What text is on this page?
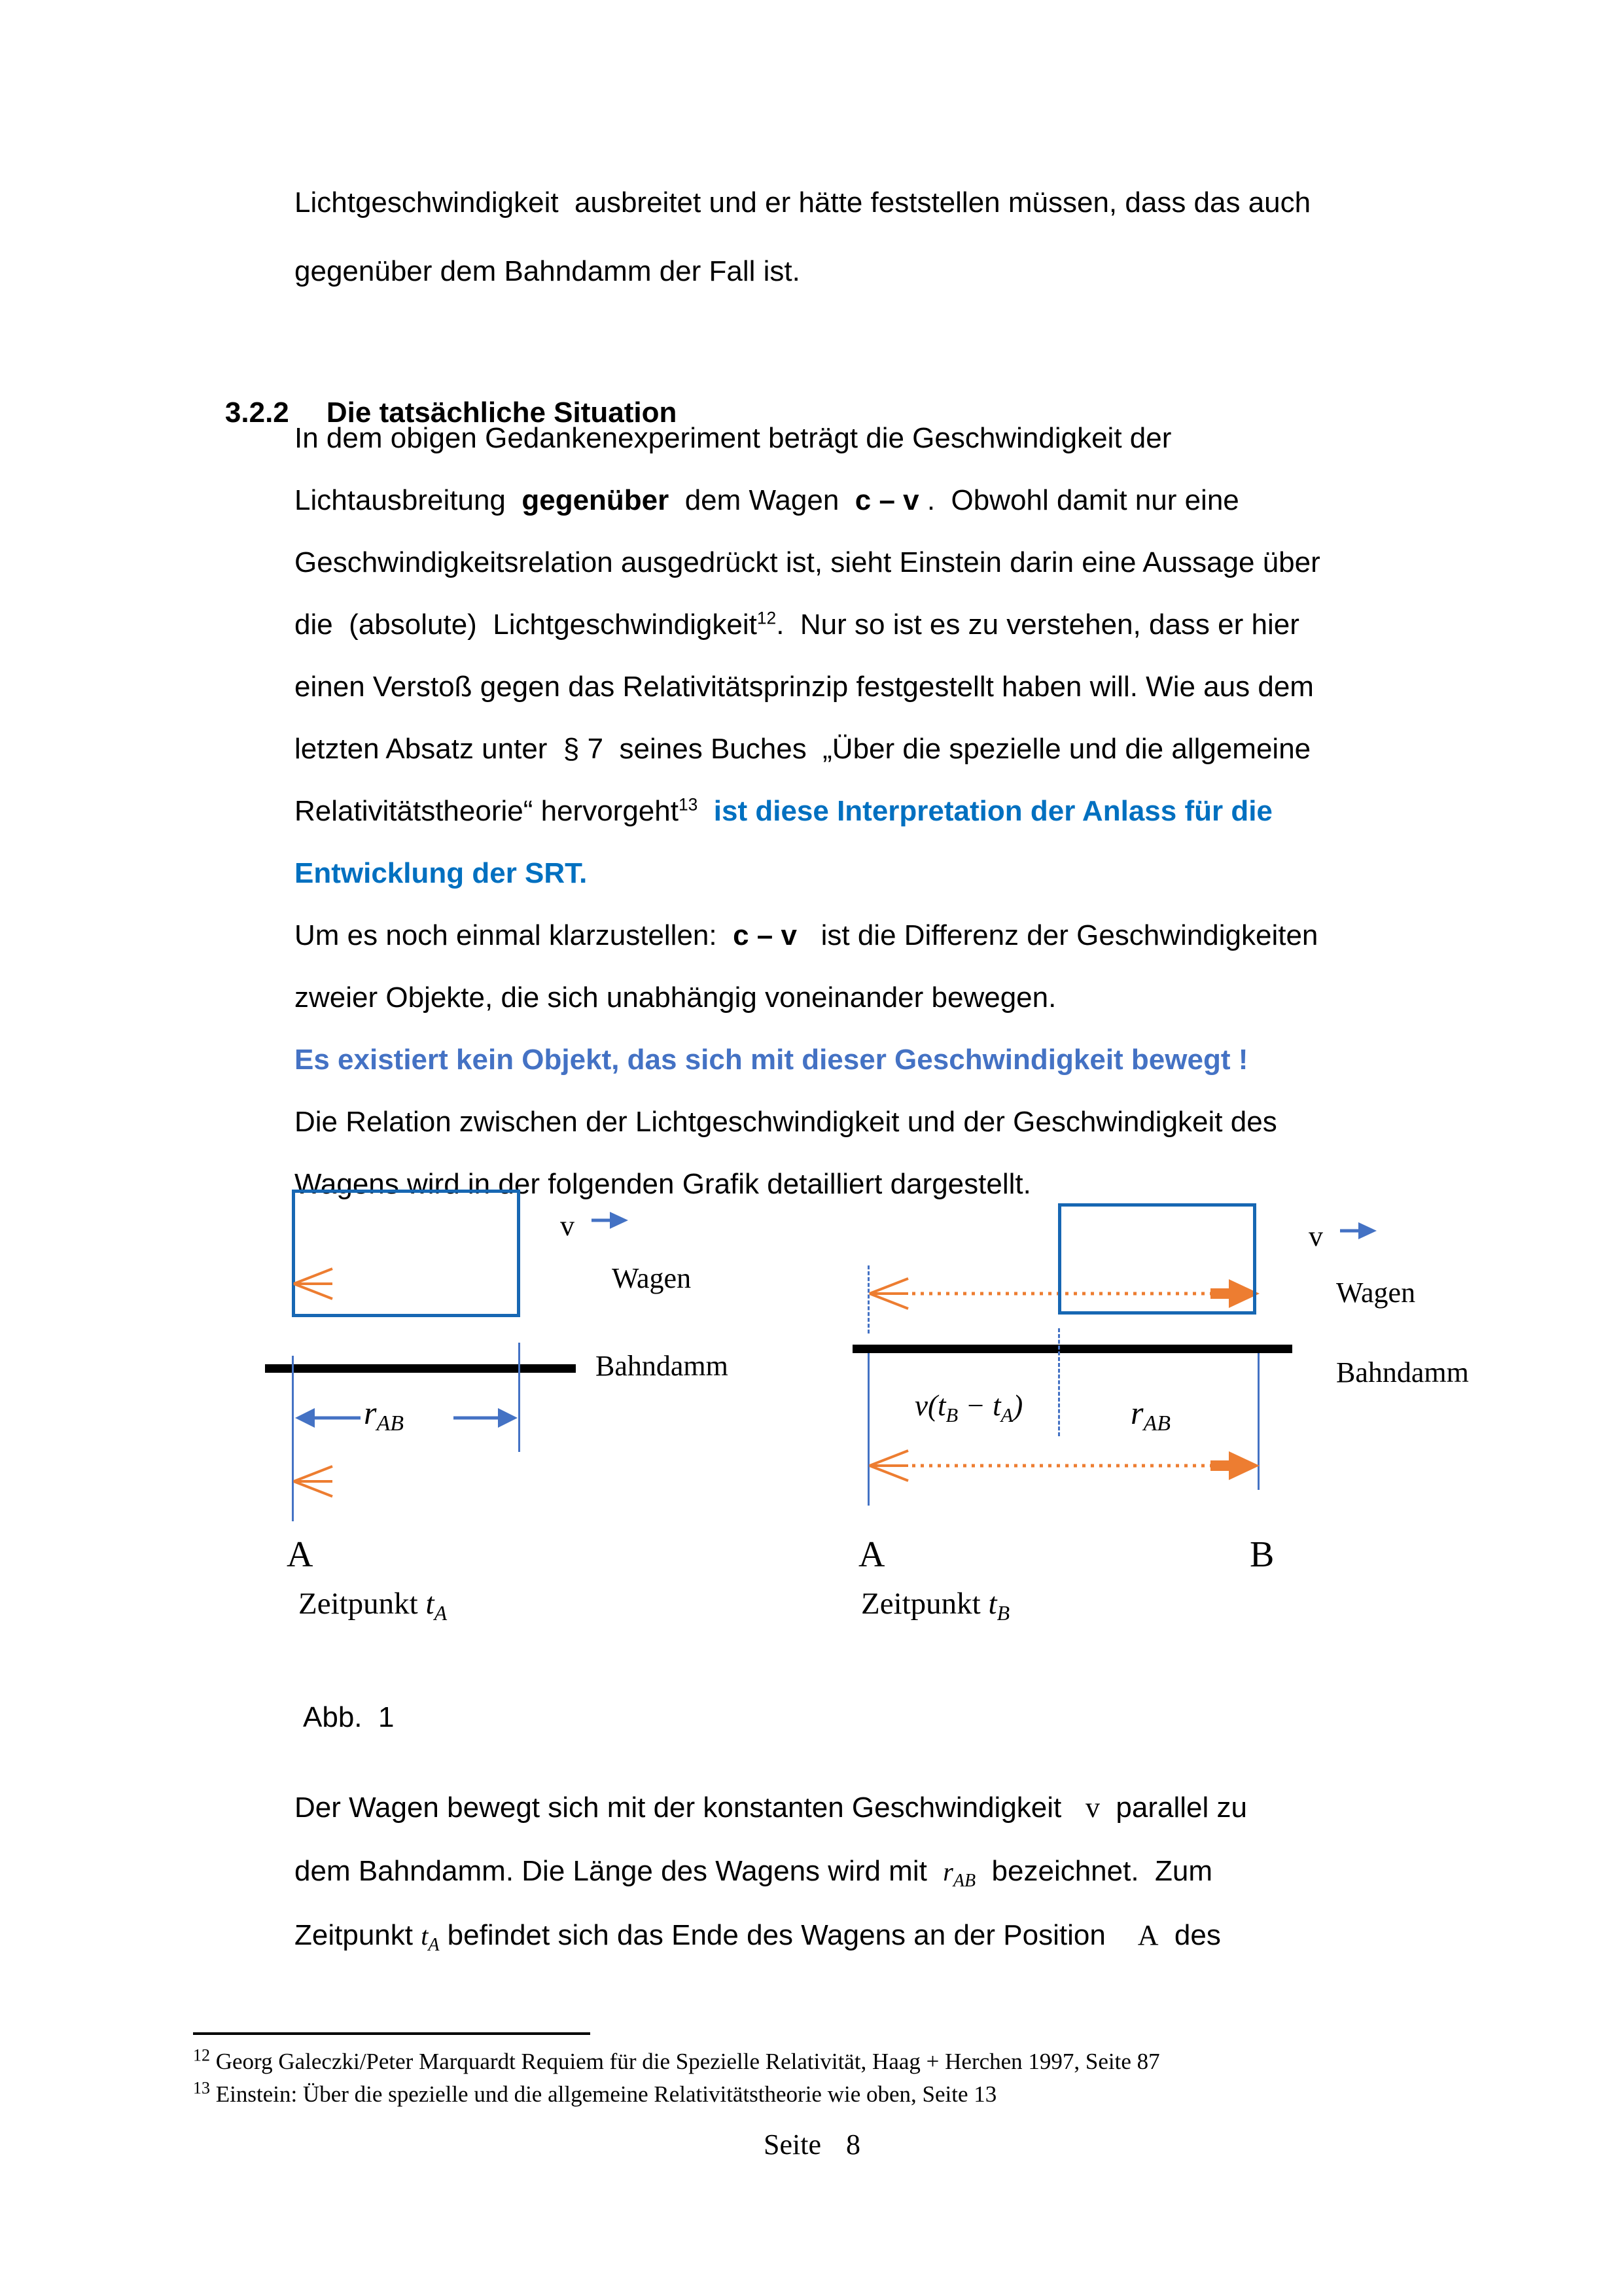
Lichtgeschwindigkeit  ausbreitet und er hätte feststellen müssen, dass das auch
gegenüber dem Bahndamm der Fall ist.

3.2.2 Die tatsächliche Situation

In dem obigen Gedankenexperiment beträgt die Geschwindigkeit der
Lichtausbreitung  gegenüber  dem Wagen  c – v .  Obwohl damit nur eine
Geschwindigkeitsrelation ausgedrückt ist, sieht Einstein darin eine Aussage über
die  (absolute)  Lichtgeschwindigkeit$^{12}$.  Nur so ist es zu verstehen, dass er hier
einen Verstoß gegen das Relativitätsprinzip festgestellt haben will. Wie aus dem
letzten Absatz unter  § 7  seines Buches  „Über die spezielle und die allgemeine
Relativitätstheorie“ hervorgeht$^{13}$ ist diese Interpretation der Anlass für die
Entwicklung der SRT.
Um es noch einmal klarzustellen:  c – v   ist die Differenz der Geschwindigkeiten
zweier Objekte, die sich unabhängig voneinander bewegen.
Es existiert kein Objekt, das sich mit dieser Geschwindigkeit bewegt !
Die Relation zwischen der Lichtgeschwindigkeit und der Geschwindigkeit des
Wagens wird in der folgenden Grafik detailliert dargestellt.
v
Wagen
Bahndamm
$r_{AB}$
A
Zeitpunkt $t_A$
v
Wagen
Bahndamm
$v(t_B - t_A)$	$r_{AB}$
A	B
Zeitpunkt $t_B$
Abb.  1
Der Wagen bewegt sich mit der konstanten Geschwindigkeit   v  parallel zu
dem Bahndamm. Die Länge des Wagens wird mit  $r_{AB}$  bezeichnet.  Zum
Zeitpunkt $t_A$ befindet sich das Ende des Wagens an der Position    A  des
$^{12}$ Georg Galeczki/Peter Marquardt Requiem für die Spezielle Relativität, Haag + Herchen 1997, Seite 87
$^{13}$ Einstein: Über die spezielle und die allgemeine Relativitätstheorie wie oben, Seite 13
Seite 8
